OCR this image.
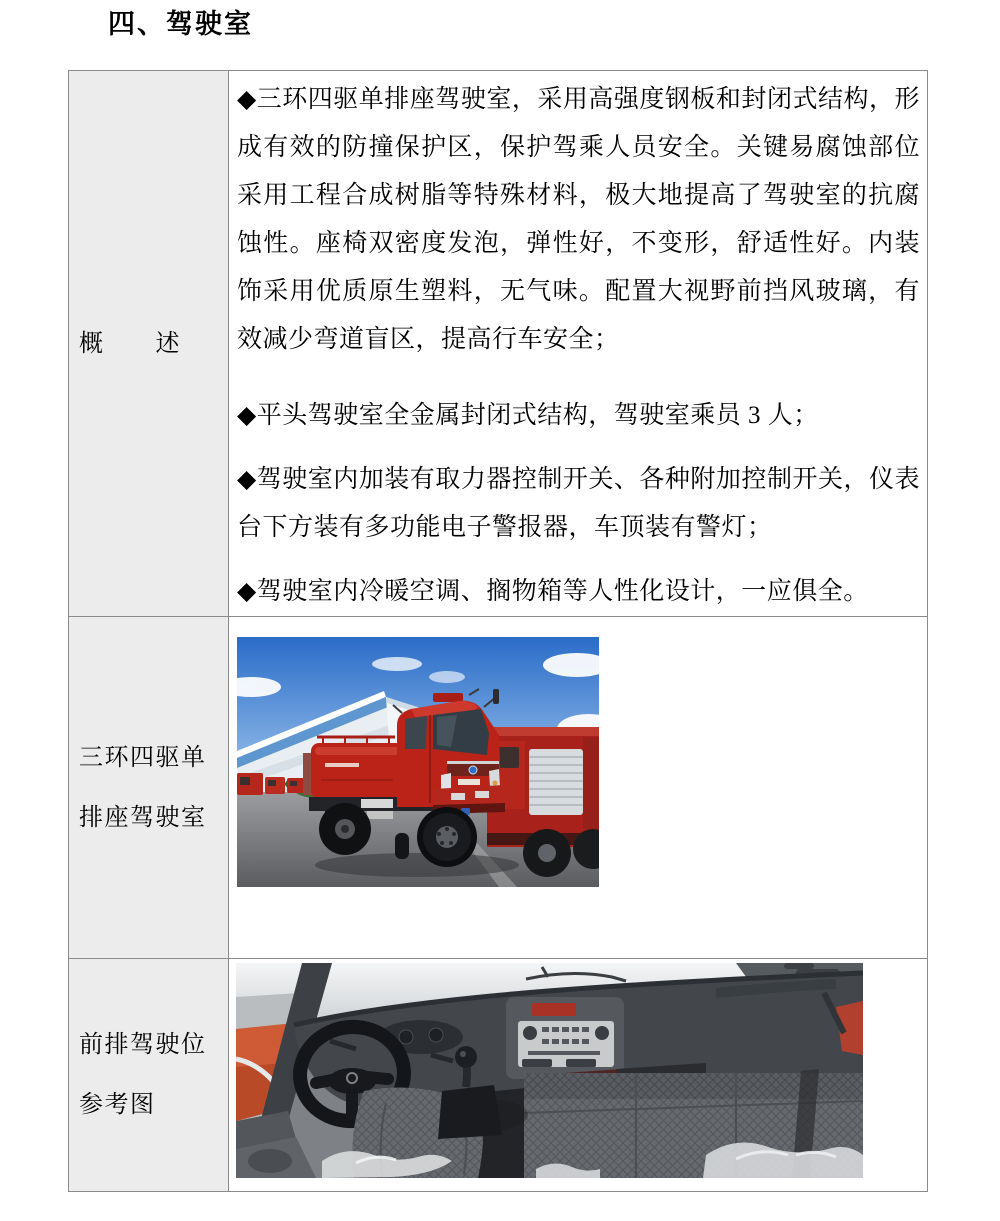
四、驾驶室
概　　述	◆三环四驱单排座驾驶室，采用高强度钢板和封闭式结构，形成有效的防撞保护区，保护驾乘人员安全。关键易腐蚀部位采用工程合成树脂等特殊材料，极大地提高了驾驶室的抗腐蚀性。座椅双密度发泡，弹性好，不变形，舒适性好。内装饰采用优质原生塑料，无气味。配置大视野前挡风玻璃，有效减少弯道盲区，提高行车安全；

◆平头驾驶室全金属封闭式结构，驾驶室乘员 3 人；

◆驾驶室内加装有取力器控制开关、各种附加控制开关，仪表台下方装有多功能电子警报器，车顶装有警灯；

◆驾驶室内冷暖空调、搁物箱等人性化设计，一应俱全。

三环四驱单
排座驾驶室

前排驾驶位
参考图
